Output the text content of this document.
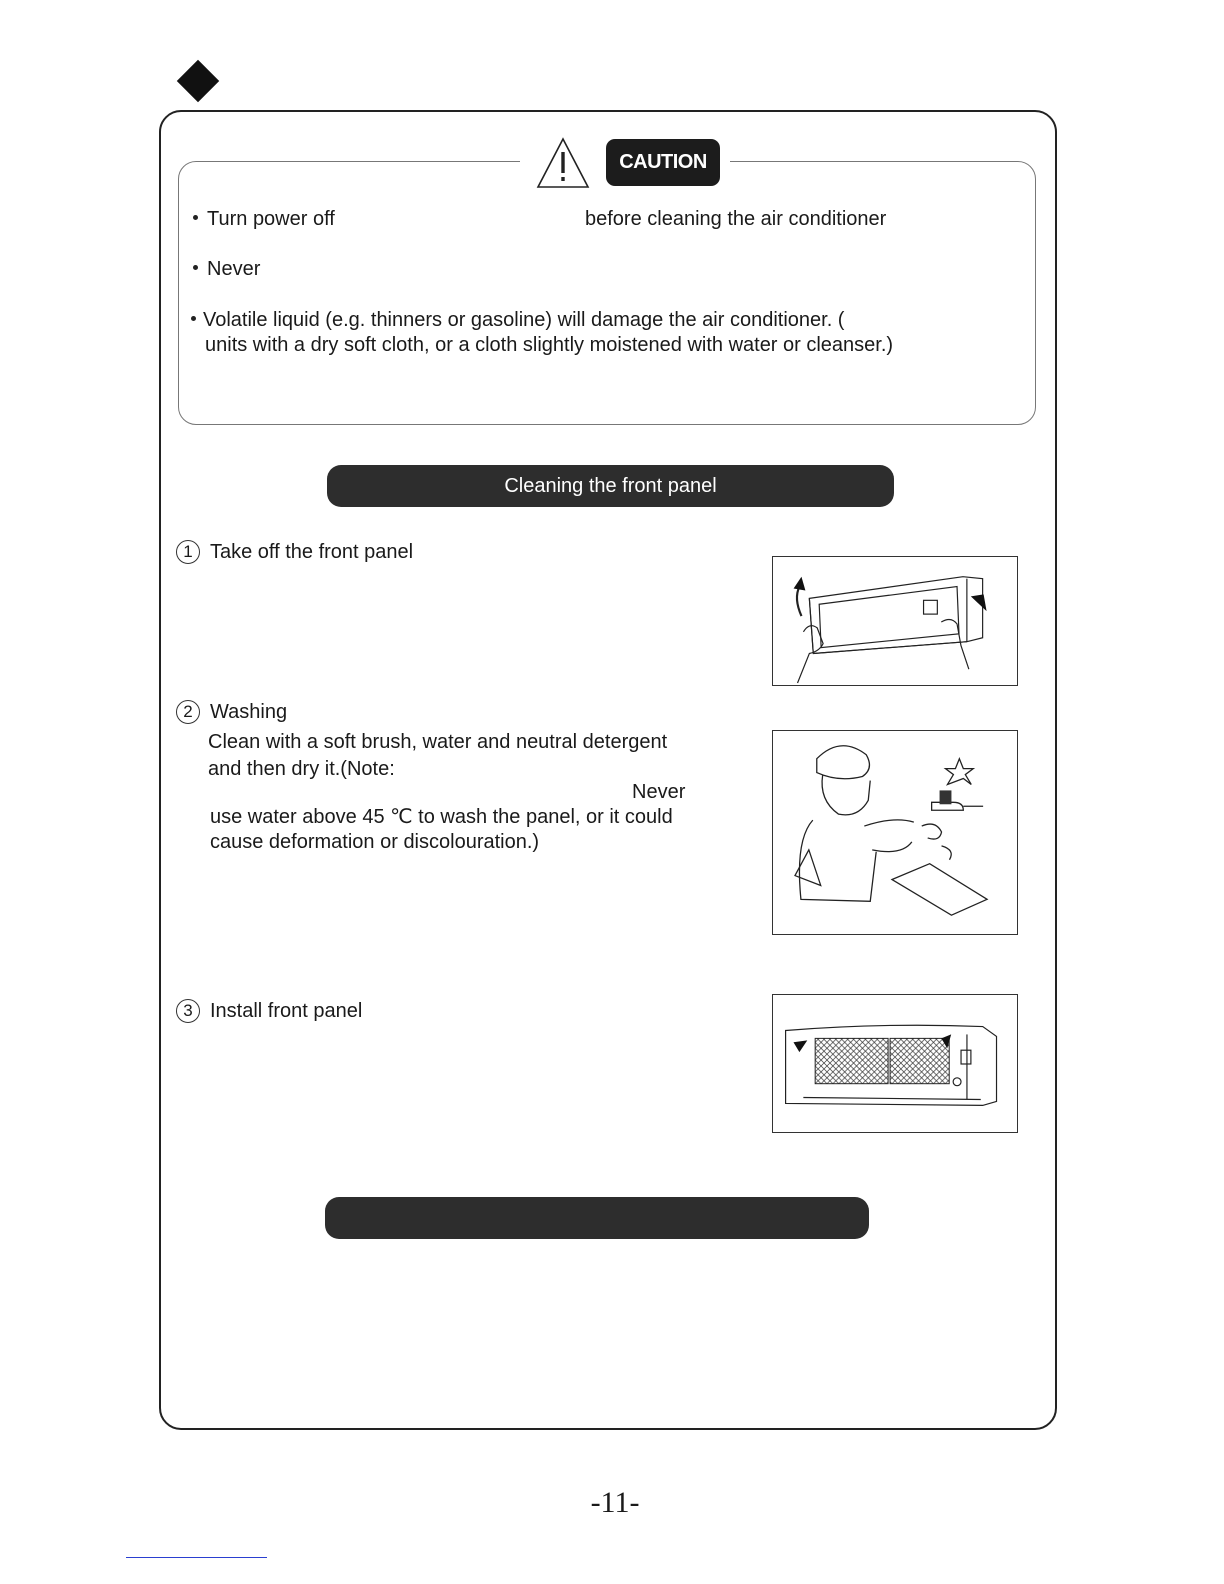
CAUTION
Turn power off	before cleaning the air conditioner
Never
Volatile liquid (e.g. thinners or gasoline) will damage the air conditioner. (
units with a dry soft cloth, or a cloth slightly moistened with water or cleanser.)
Cleaning the front panel
1 Take off the front panel
2 Washing
Clean with a soft brush, water and neutral detergent
and then dry it.(Note:
Never
use water above 45 ℃ to wash the panel, or it could
cause deformation or discolouration.)
3 Install front panel
-11-
